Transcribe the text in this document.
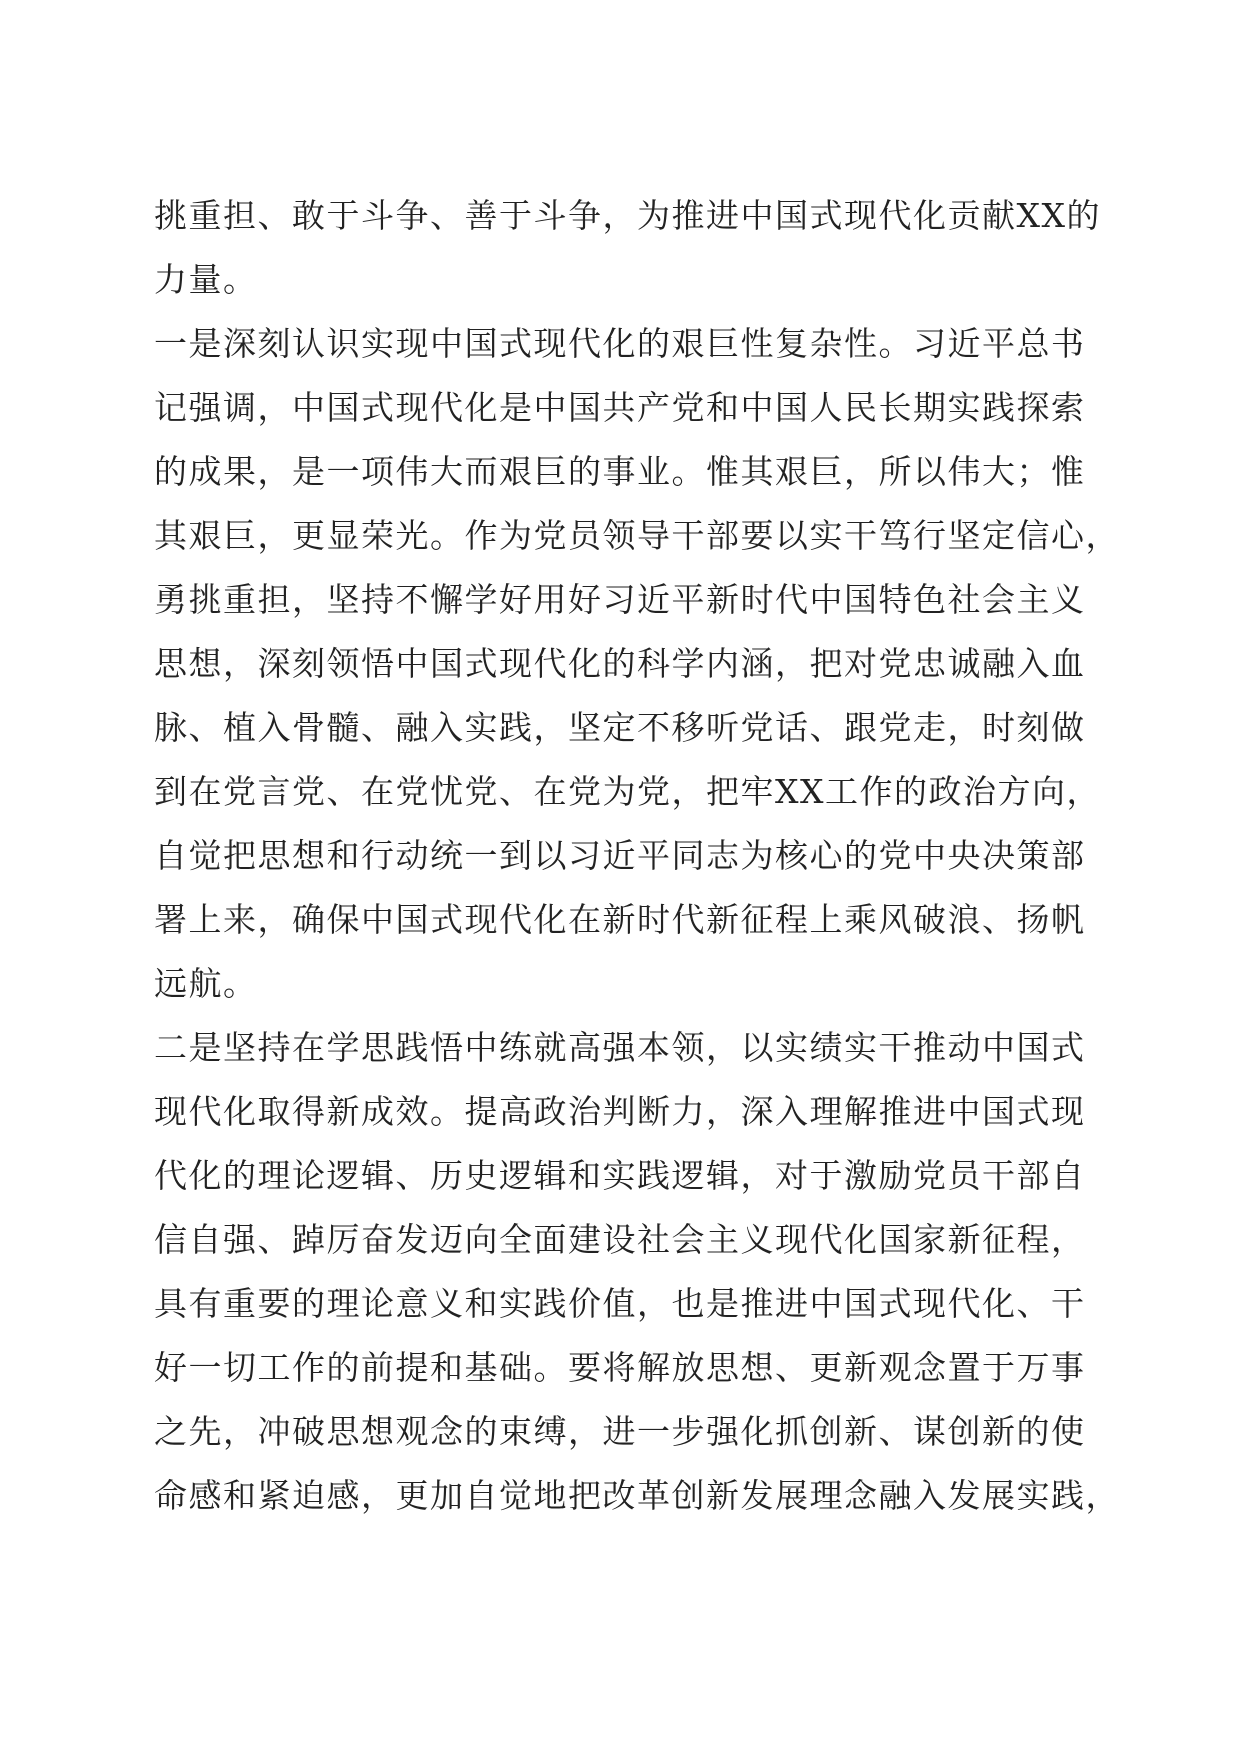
挑重担、敢于斗争、善于斗争，为推进中国式现代化贡献XX的
力量。
一是深刻认识实现中国式现代化的艰巨性复杂性。习近平总书
记强调，中国式现代化是中国共产党和中国人民长期实践探索
的成果，是一项伟大而艰巨的事业。惟其艰巨，所以伟大；惟
其艰巨，更显荣光。作为党员领导干部要以实干笃行坚定信心，
勇挑重担，坚持不懈学好用好习近平新时代中国特色社会主义
思想，深刻领悟中国式现代化的科学内涵，把对党忠诚融入血
脉、植入骨髓、融入实践，坚定不移听党话、跟党走，时刻做
到在党言党、在党忧党、在党为党，把牢XX工作的政治方向，
自觉把思想和行动统一到以习近平同志为核心的党中央决策部
署上来，确保中国式现代化在新时代新征程上乘风破浪、扬帆
远航。
二是坚持在学思践悟中练就高强本领，以实绩实干推动中国式
现代化取得新成效。提高政治判断力，深入理解推进中国式现
代化的理论逻辑、历史逻辑和实践逻辑，对于激励党员干部自
信自强、踔厉奋发迈向全面建设社会主义现代化国家新征程，
具有重要的理论意义和实践价值，也是推进中国式现代化、干
好一切工作的前提和基础。要将解放思想、更新观念置于万事
之先，冲破思想观念的束缚，进一步强化抓创新、谋创新的使
命感和紧迫感，更加自觉地把改革创新发展理念融入发展实践，
